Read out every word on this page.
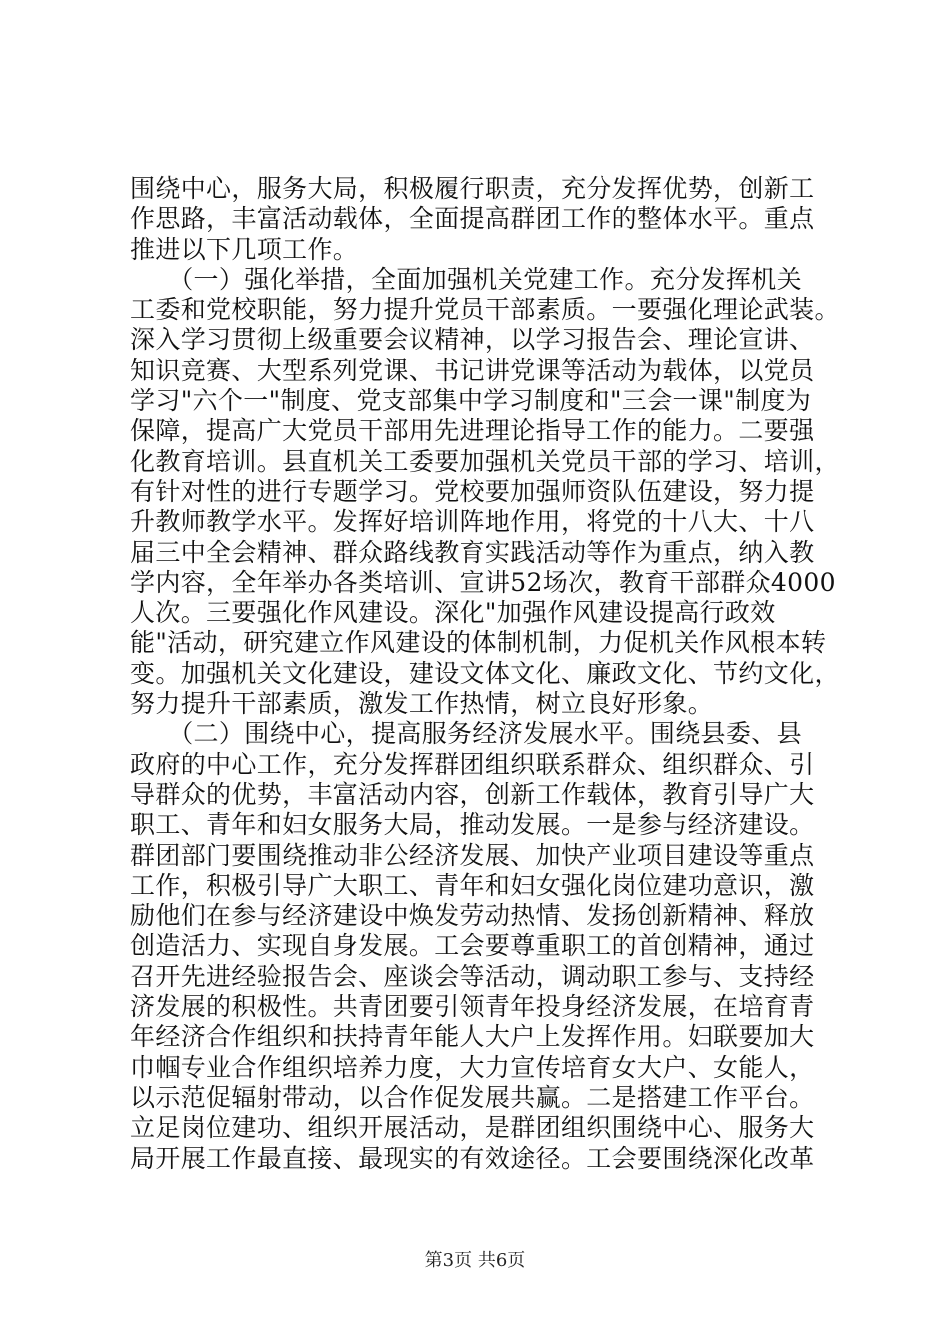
围绕中心，服务大局，积极履行职责，充分发挥优势，创新工
作思路，丰富活动载体，全面提高群团工作的整体水平。重点
推进以下几项工作。
　　（一）强化举措，全面加强机关党建工作。充分发挥机关
工委和党校职能，努力提升党员干部素质。一要强化理论武装。
深入学习贯彻上级重要会议精神，以学习报告会、理论宣讲、
知识竞赛、大型系列党课、书记讲党课等活动为载体，以党员
学习"六个一"制度、党支部集中学习制度和"三会一课"制度为
保障，提高广大党员干部用先进理论指导工作的能力。二要强
化教育培训。县直机关工委要加强机关党员干部的学习、培训，
有针对性的进行专题学习。党校要加强师资队伍建设，努力提
升教师教学水平。发挥好培训阵地作用，将党的十八大、十八
届三中全会精神、群众路线教育实践活动等作为重点，纳入教
学内容，全年举办各类培训、宣讲52场次，教育干部群众4000
人次。三要强化作风建设。深化"加强作风建设提高行政效
能"活动，研究建立作风建设的体制机制，力促机关作风根本转
变。加强机关文化建设，建设文体文化、廉政文化、节约文化，
努力提升干部素质，激发工作热情，树立良好形象。
　　（二）围绕中心，提高服务经济发展水平。围绕县委、县
政府的中心工作，充分发挥群团组织联系群众、组织群众、引
导群众的优势，丰富活动内容，创新工作载体，教育引导广大
职工、青年和妇女服务大局，推动发展。一是参与经济建设。
群团部门要围绕推动非公经济发展、加快产业项目建设等重点
工作，积极引导广大职工、青年和妇女强化岗位建功意识，激
励他们在参与经济建设中焕发劳动热情、发扬创新精神、释放
创造活力、实现自身发展。工会要尊重职工的首创精神，通过
召开先进经验报告会、座谈会等活动，调动职工参与、支持经
济发展的积极性。共青团要引领青年投身经济发展，在培育青
年经济合作组织和扶持青年能人大户上发挥作用。妇联要加大
巾帼专业合作组织培养力度，大力宣传培育女大户、女能人，
以示范促辐射带动，以合作促发展共赢。二是搭建工作平台。
立足岗位建功、组织开展活动，是群团组织围绕中心、服务大
局开展工作最直接、最现实的有效途径。工会要围绕深化改革
第3页 共6页
